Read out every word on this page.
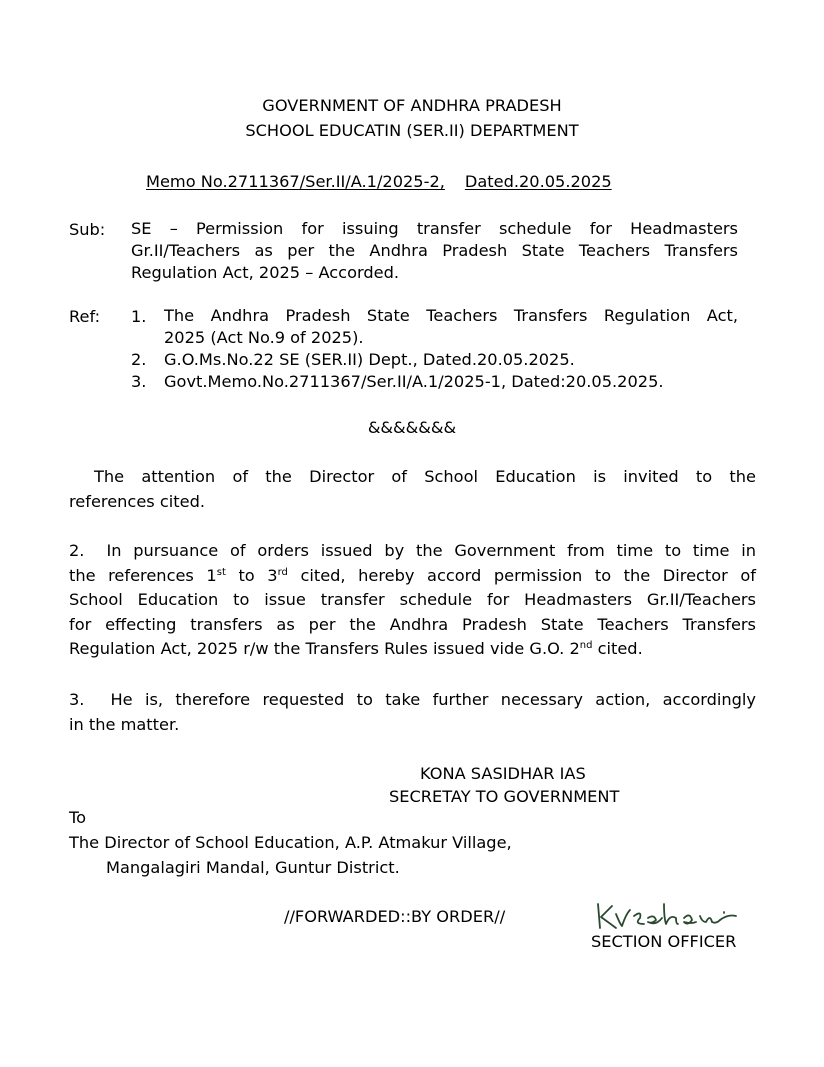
GOVERNMENT OF ANDHRA PRADESH
SCHOOL EDUCATIN (SER.II) DEPARTMENT
Memo No.2711367/Ser.II/A.1/2025-2, Dated.20.05.2025
Sub: SE – Permission for issuing transfer schedule for Headmasters
Gr.II/Teachers as per the Andhra Pradesh State Teachers Transfers
Regulation Act, 2025 – Accorded.
Ref: 1. The Andhra Pradesh State Teachers Transfers Regulation Act,
2025 (Act No.9 of 2025).
2. G.O.Ms.No.22 SE (SER.II) Dept., Dated.20.05.2025.
3. Govt.Memo.No.2711367/Ser.II/A.1/2025-1, Dated:20.05.2025.
&&&&&&&
The attention of the Director of School Education is invited to the
references cited.
2. In pursuance of orders issued by the Government from time to time in
the references 1st to 3rd cited, hereby accord permission to the Director of
School Education to issue transfer schedule for Headmasters Gr.II/Teachers
for effecting transfers as per the Andhra Pradesh State Teachers Transfers
Regulation Act, 2025 r/w the Transfers Rules issued vide G.O. 2nd cited.
3. He is, therefore requested to take further necessary action, accordingly
in the matter.
KONA SASIDHAR IAS
SECRETAY TO GOVERNMENT
To
The Director of School Education, A.P. Atmakur Village,
Mangalagiri Mandal, Guntur District.
//FORWARDED::BY ORDER//
SECTION OFFICER
